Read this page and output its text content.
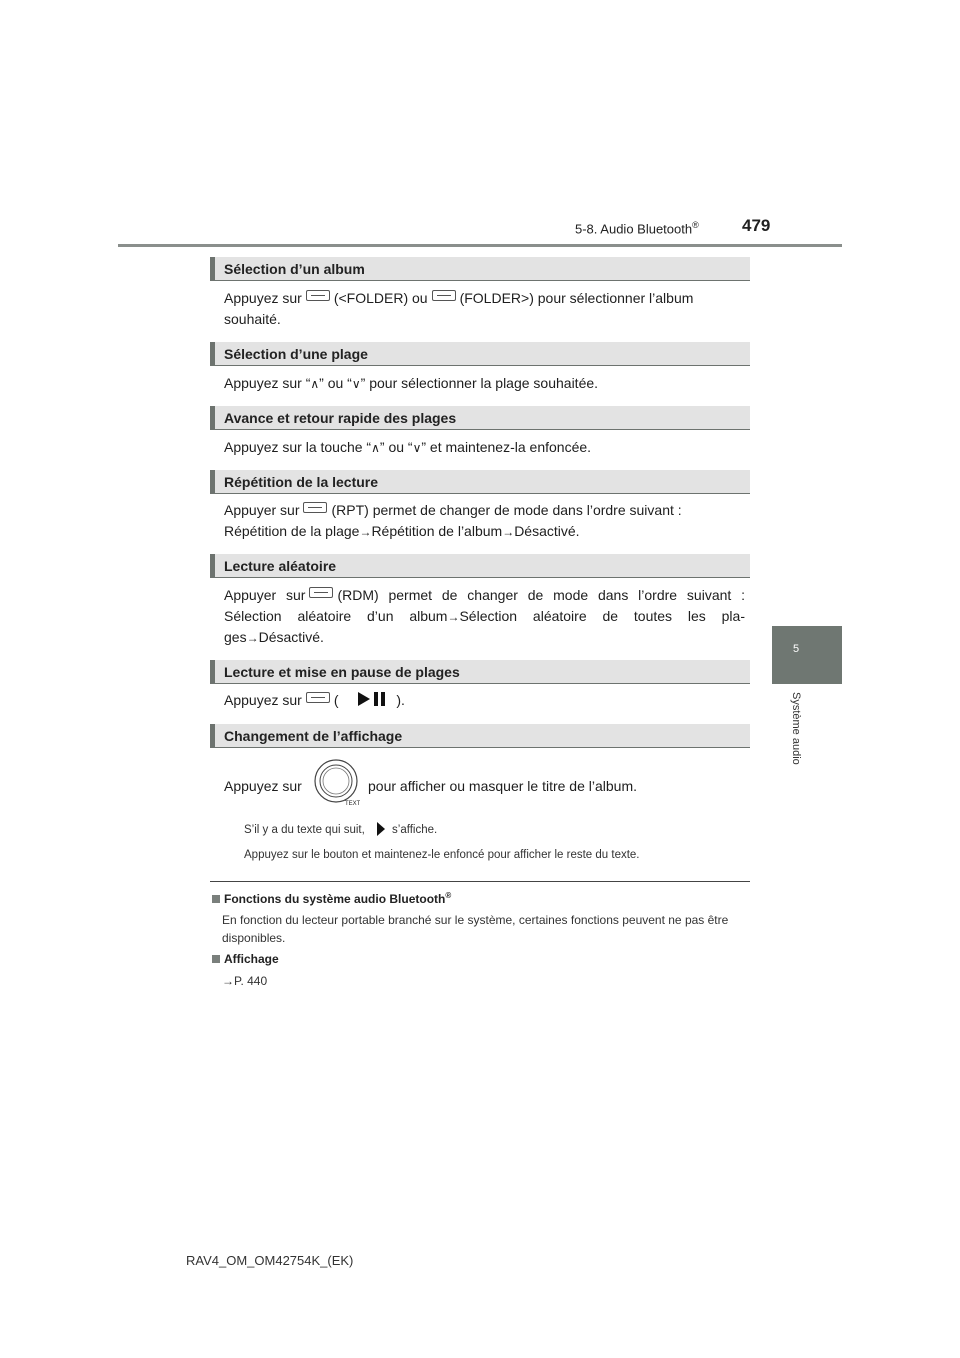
5-8. Audio Bluetooth®	479
5
Système audio
Sélection d’un album
Appuyez sur (<FOLDER) ou (FOLDER>) pour sélectionner l’album
souhaité.
Sélection d’une plage
Appuyez sur “∧” ou “∨” pour sélectionner la plage souhaitée.
Avance et retour rapide des plages
Appuyez sur la touche “∧” ou “∨” et maintenez-la enfoncée.
Répétition de la lecture
Appuyer sur (RPT) permet de changer de mode dans l’ordre suivant :
Répétition de la plage→Répétition de l’album→Désactivé.
Lecture aléatoire
Appuyer sur (RDM) permet de changer de mode dans l’ordre suivant :
Sélection aléatoire d’un album→Sélection aléatoire de toutes les pla-
ges→Désactivé.
Lecture et mise en pause de plages
Appuyez sur (	).
Changement de l’affichage
Appuyez sur
TEXT
pour afficher ou masquer le titre de l’album.
S’il y a du texte qui suit, s’affiche.
Appuyez sur le bouton et maintenez-le enfoncé pour afficher le reste du texte.
Fonctions du système audio Bluetooth®
En fonction du lecteur portable branché sur le système, certaines fonctions peuvent ne pas être disponibles.
Affichage
→P. 440
RAV4_OM_OM42754K_(EK)
